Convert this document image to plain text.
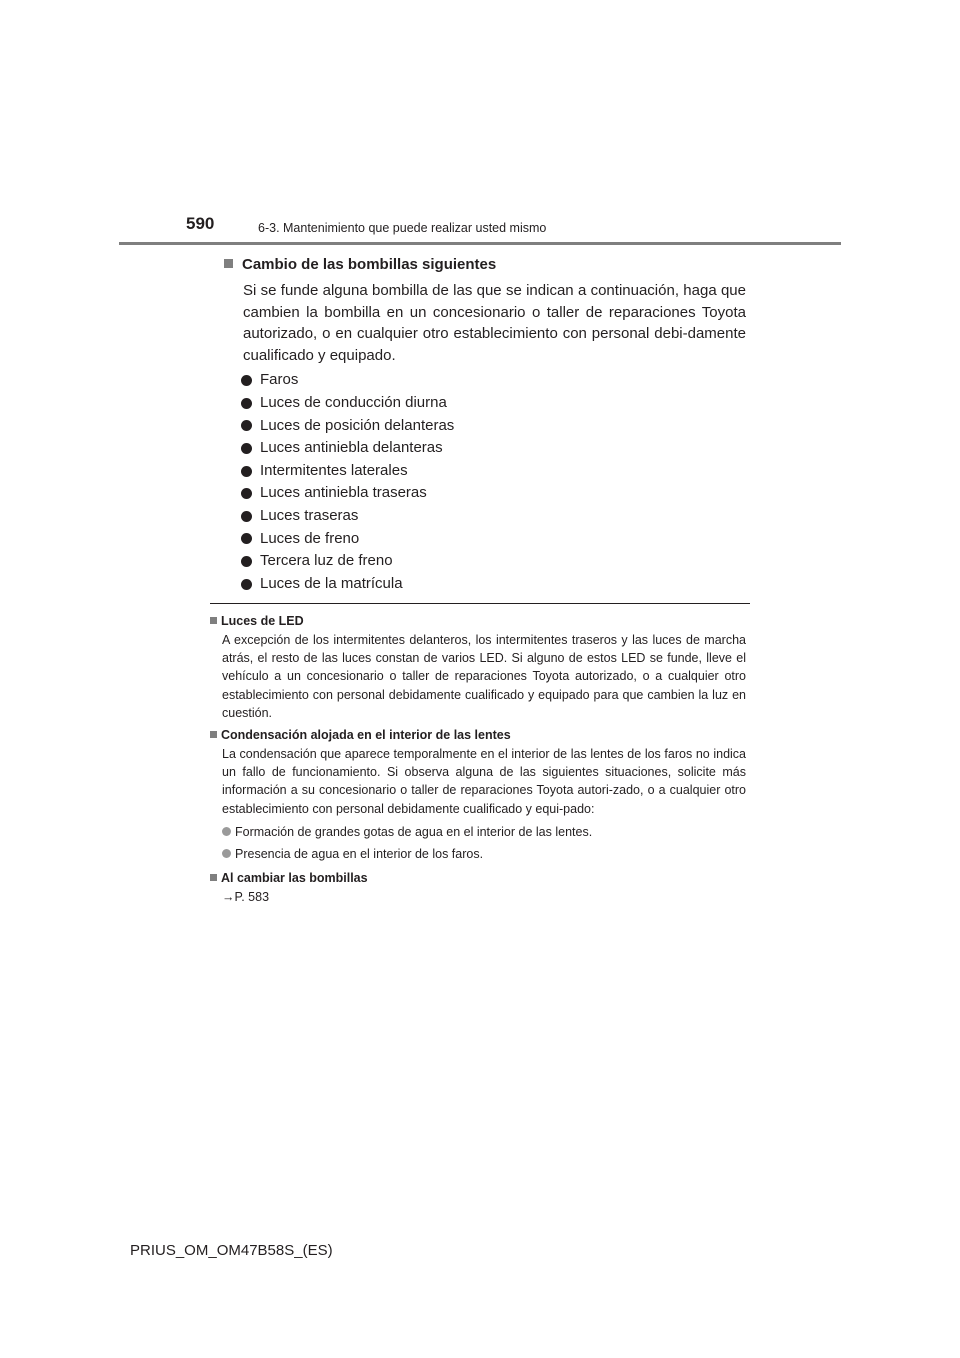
590	6-3. Mantenimiento que puede realizar usted mismo
Cambio de las bombillas siguientes

Si se funde alguna bombilla de las que se indican a continuación, haga que cambien la bombilla en un concesionario o taller de reparaciones Toyota autorizado, o en cualquier otro establecimiento con personal debi-damente cualificado y equipado.

Faros
Luces de conducción diurna
Luces de posición delanteras
Luces antiniebla delanteras
Intermitentes laterales
Luces antiniebla traseras
Luces traseras
Luces de freno
Tercera luz de freno
Luces de la matrícula
Luces de LED

A excepción de los intermitentes delanteros, los intermitentes traseros y las luces de marcha atrás, el resto de las luces constan de varios LED. Si alguno de estos LED se funde, lleve el vehículo a un concesionario o taller de reparaciones Toyota autorizado, o a cualquier otro establecimiento con personal debidamente cualificado y equipado para que cambien la luz en cuestión.

Condensación alojada en el interior de las lentes

La condensación que aparece temporalmente en el interior de las lentes de los faros no indica un fallo de funcionamiento. Si observa alguna de las siguientes situaciones, solicite más información a su concesionario o taller de reparaciones Toyota autori-zado, o a cualquier otro establecimiento con personal debidamente cualificado y equi-pado:

Formación de grandes gotas de agua en el interior de las lentes.
Presencia de agua en el interior de los faros.
Al cambiar las bombillas

→P. 583

PRIUS_OM_OM47B58S_(ES)
